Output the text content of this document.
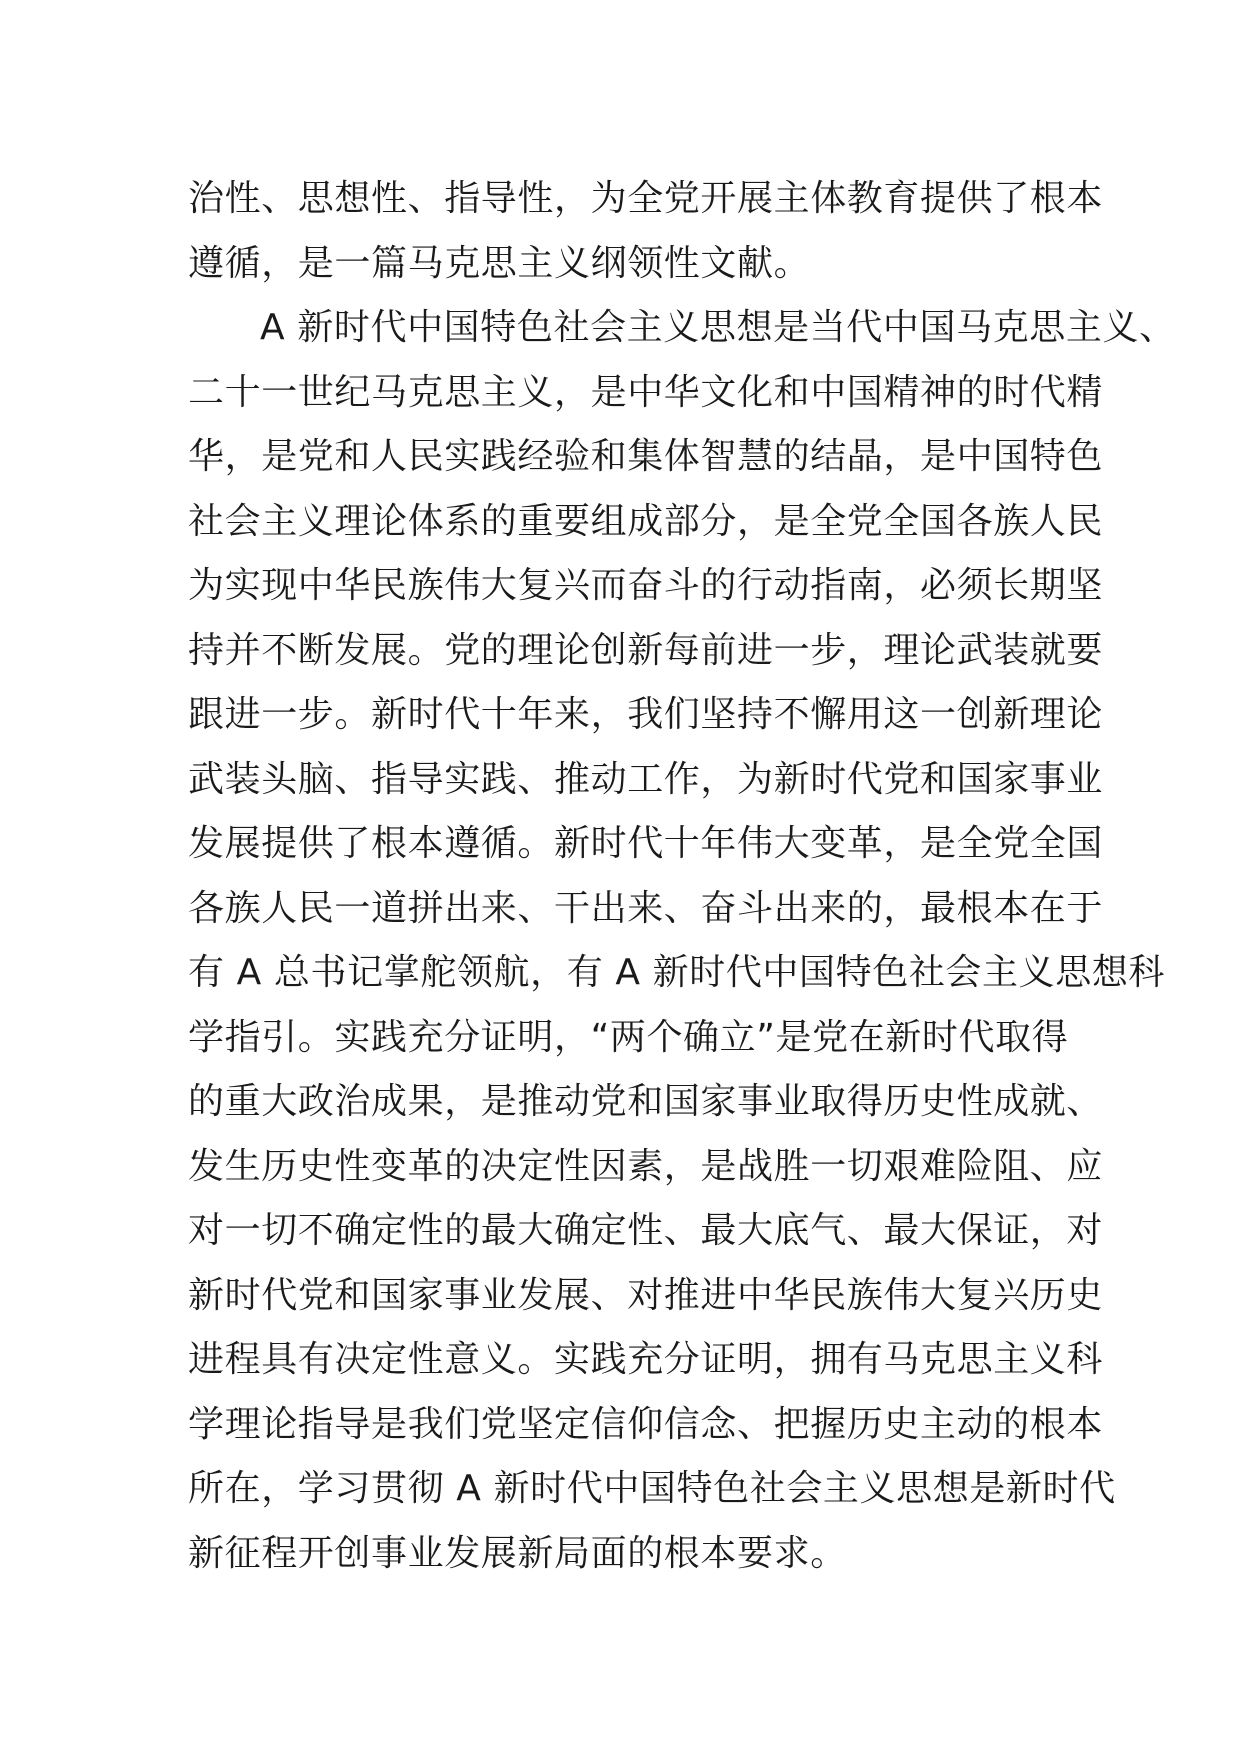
治性、思想性、指导性，为全党开展主体教育提供了根本
遵循，是一篇马克思主义纲领性文献。
A 新时代中国特色社会主义思想是当代中国马克思主义、
二十一世纪马克思主义，是中华文化和中国精神的时代精
华，是党和人民实践经验和集体智慧的结晶，是中国特色
社会主义理论体系的重要组成部分，是全党全国各族人民
为实现中华民族伟大复兴而奋斗的行动指南，必须长期坚
持并不断发展。党的理论创新每前进一步，理论武装就要
跟进一步。新时代十年来，我们坚持不懈用这一创新理论
武装头脑、指导实践、推动工作，为新时代党和国家事业
发展提供了根本遵循。新时代十年伟大变革，是全党全国
各族人民一道拼出来、干出来、奋斗出来的，最根本在于
有 A 总书记掌舵领航，有 A 新时代中国特色社会主义思想科
学指引。实践充分证明，“两个确立”是党在新时代取得
的重大政治成果，是推动党和国家事业取得历史性成就、
发生历史性变革的决定性因素，是战胜一切艰难险阻、应
对一切不确定性的最大确定性、最大底气、最大保证，对
新时代党和国家事业发展、对推进中华民族伟大复兴历史
进程具有决定性意义。实践充分证明，拥有马克思主义科
学理论指导是我们党坚定信仰信念、把握历史主动的根本
所在，学习贯彻 A 新时代中国特色社会主义思想是新时代
新征程开创事业发展新局面的根本要求。
